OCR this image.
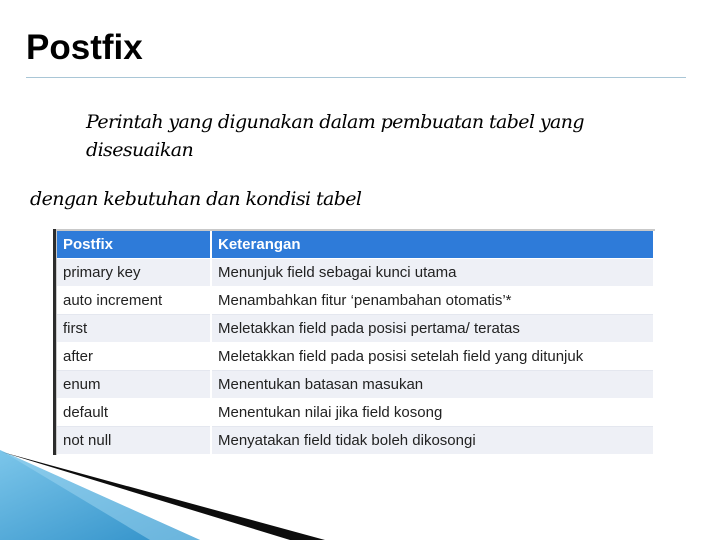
Postfix

Perintah yang digunakan dalam pembuatan tabel yang disesuaikan
dengan kebutuhan dan kondisi tabel

Postfix	Keterangan
primary key	Menunjuk field sebagai kunci utama
auto increment	Menambahkan fitur ‘penambahan otomatis’*
first	Meletakkan field pada posisi pertama/ teratas
after	Meletakkan field pada posisi setelah field yang ditunjuk
enum	Menentukan batasan masukan
default	Menentukan nilai jika field kosong
not null	Menyatakan field tidak boleh dikosongi
